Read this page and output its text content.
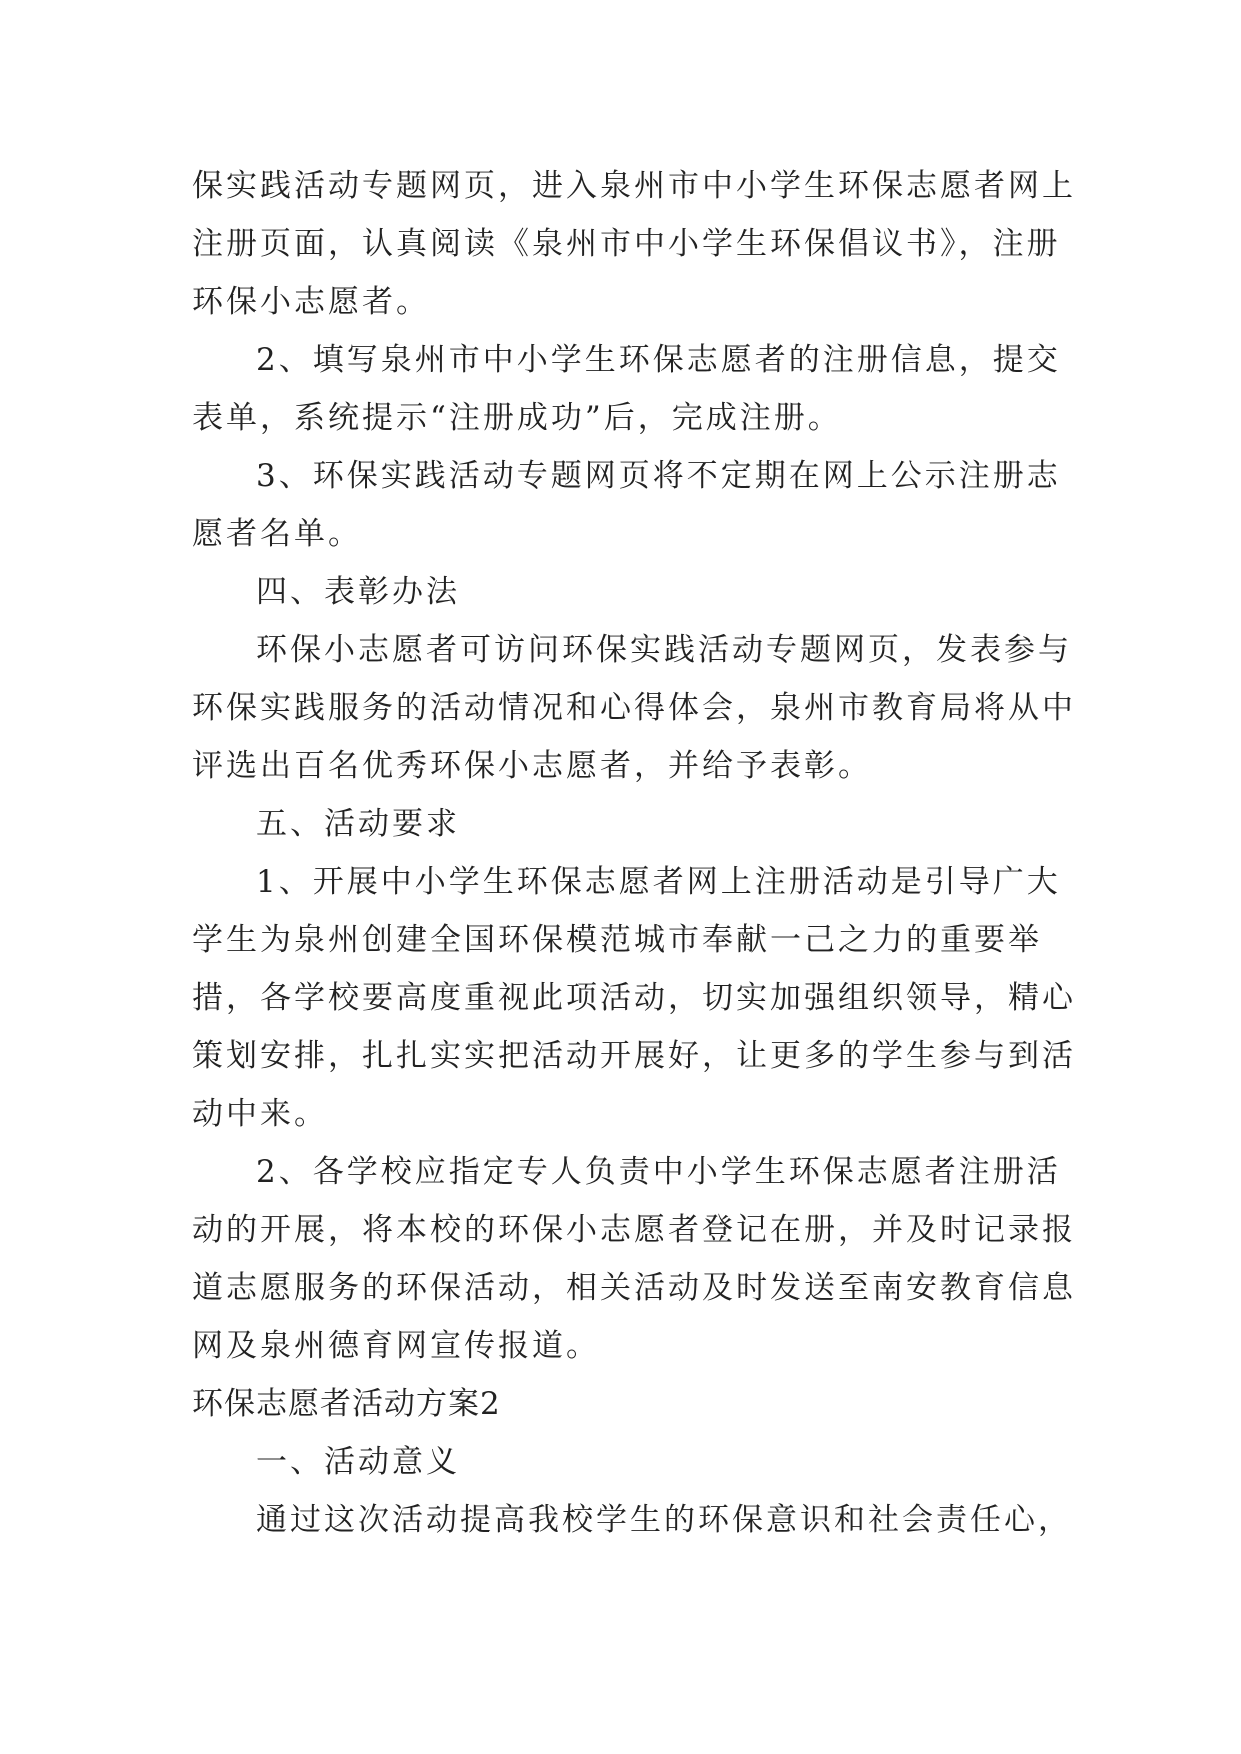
保实践活动专题网页，进入泉州市中小学生环保志愿者网上
注册页面，认真阅读《泉州市中小学生环保倡议书》，注册
环保小志愿者。
2、填写泉州市中小学生环保志愿者的注册信息，提交
表单，系统提示“注册成功”后，完成注册。
3、环保实践活动专题网页将不定期在网上公示注册志
愿者名单。
四、表彰办法
环保小志愿者可访问环保实践活动专题网页，发表参与
环保实践服务的活动情况和心得体会，泉州市教育局将从中
评选出百名优秀环保小志愿者，并给予表彰。
五、活动要求
1、开展中小学生环保志愿者网上注册活动是引导广大
学生为泉州创建全国环保模范城市奉献一己之力的重要举
措，各学校要高度重视此项活动，切实加强组织领导，精心
策划安排，扎扎实实把活动开展好，让更多的学生参与到活
动中来。
2、各学校应指定专人负责中小学生环保志愿者注册活
动的开展，将本校的环保小志愿者登记在册，并及时记录报
道志愿服务的环保活动，相关活动及时发送至南安教育信息
网及泉州德育网宣传报道。
环保志愿者活动方案2
一、活动意义
通过这次活动提高我校学生的环保意识和社会责任心，
